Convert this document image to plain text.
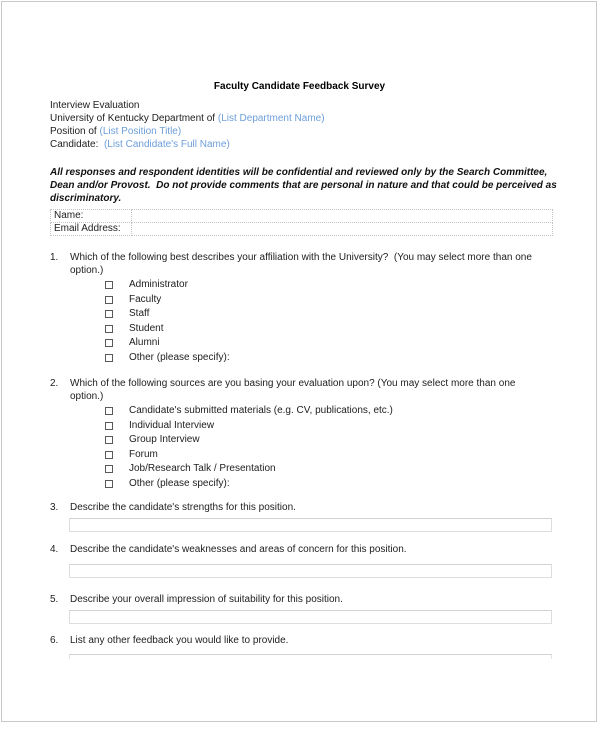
Faculty Candidate Feedback Survey
Interview Evaluation
University of Kentucky Department of (List Department Name)
Position of (List Position Title)
Candidate:  (List Candidate's Full Name)
All responses and respondent identities will be confidential and reviewed only by the Search Committee, Dean and/or Provost.  Do not provide comments that are personal in nature and that could be perceived as discriminatory.
Name:	
Email Address:	
1.	Which of the following best describes your affiliation with the University?  (You may select more than one option.)
Administrator
Faculty
Staff
Student
Alumni
Other (please specify):
2.	Which of the following sources are you basing your evaluation upon? (You may select more than one option.)
Candidate's submitted materials (e.g. CV, publications, etc.)
Individual Interview
Group Interview
Forum
Job/Research Talk / Presentation
Other (please specify):
3.	Describe the candidate's strengths for this position.
4.	Describe the candidate's weaknesses and areas of concern for this position.
5.	Describe your overall impression of suitability for this position.
6.	List any other feedback you would like to provide.
